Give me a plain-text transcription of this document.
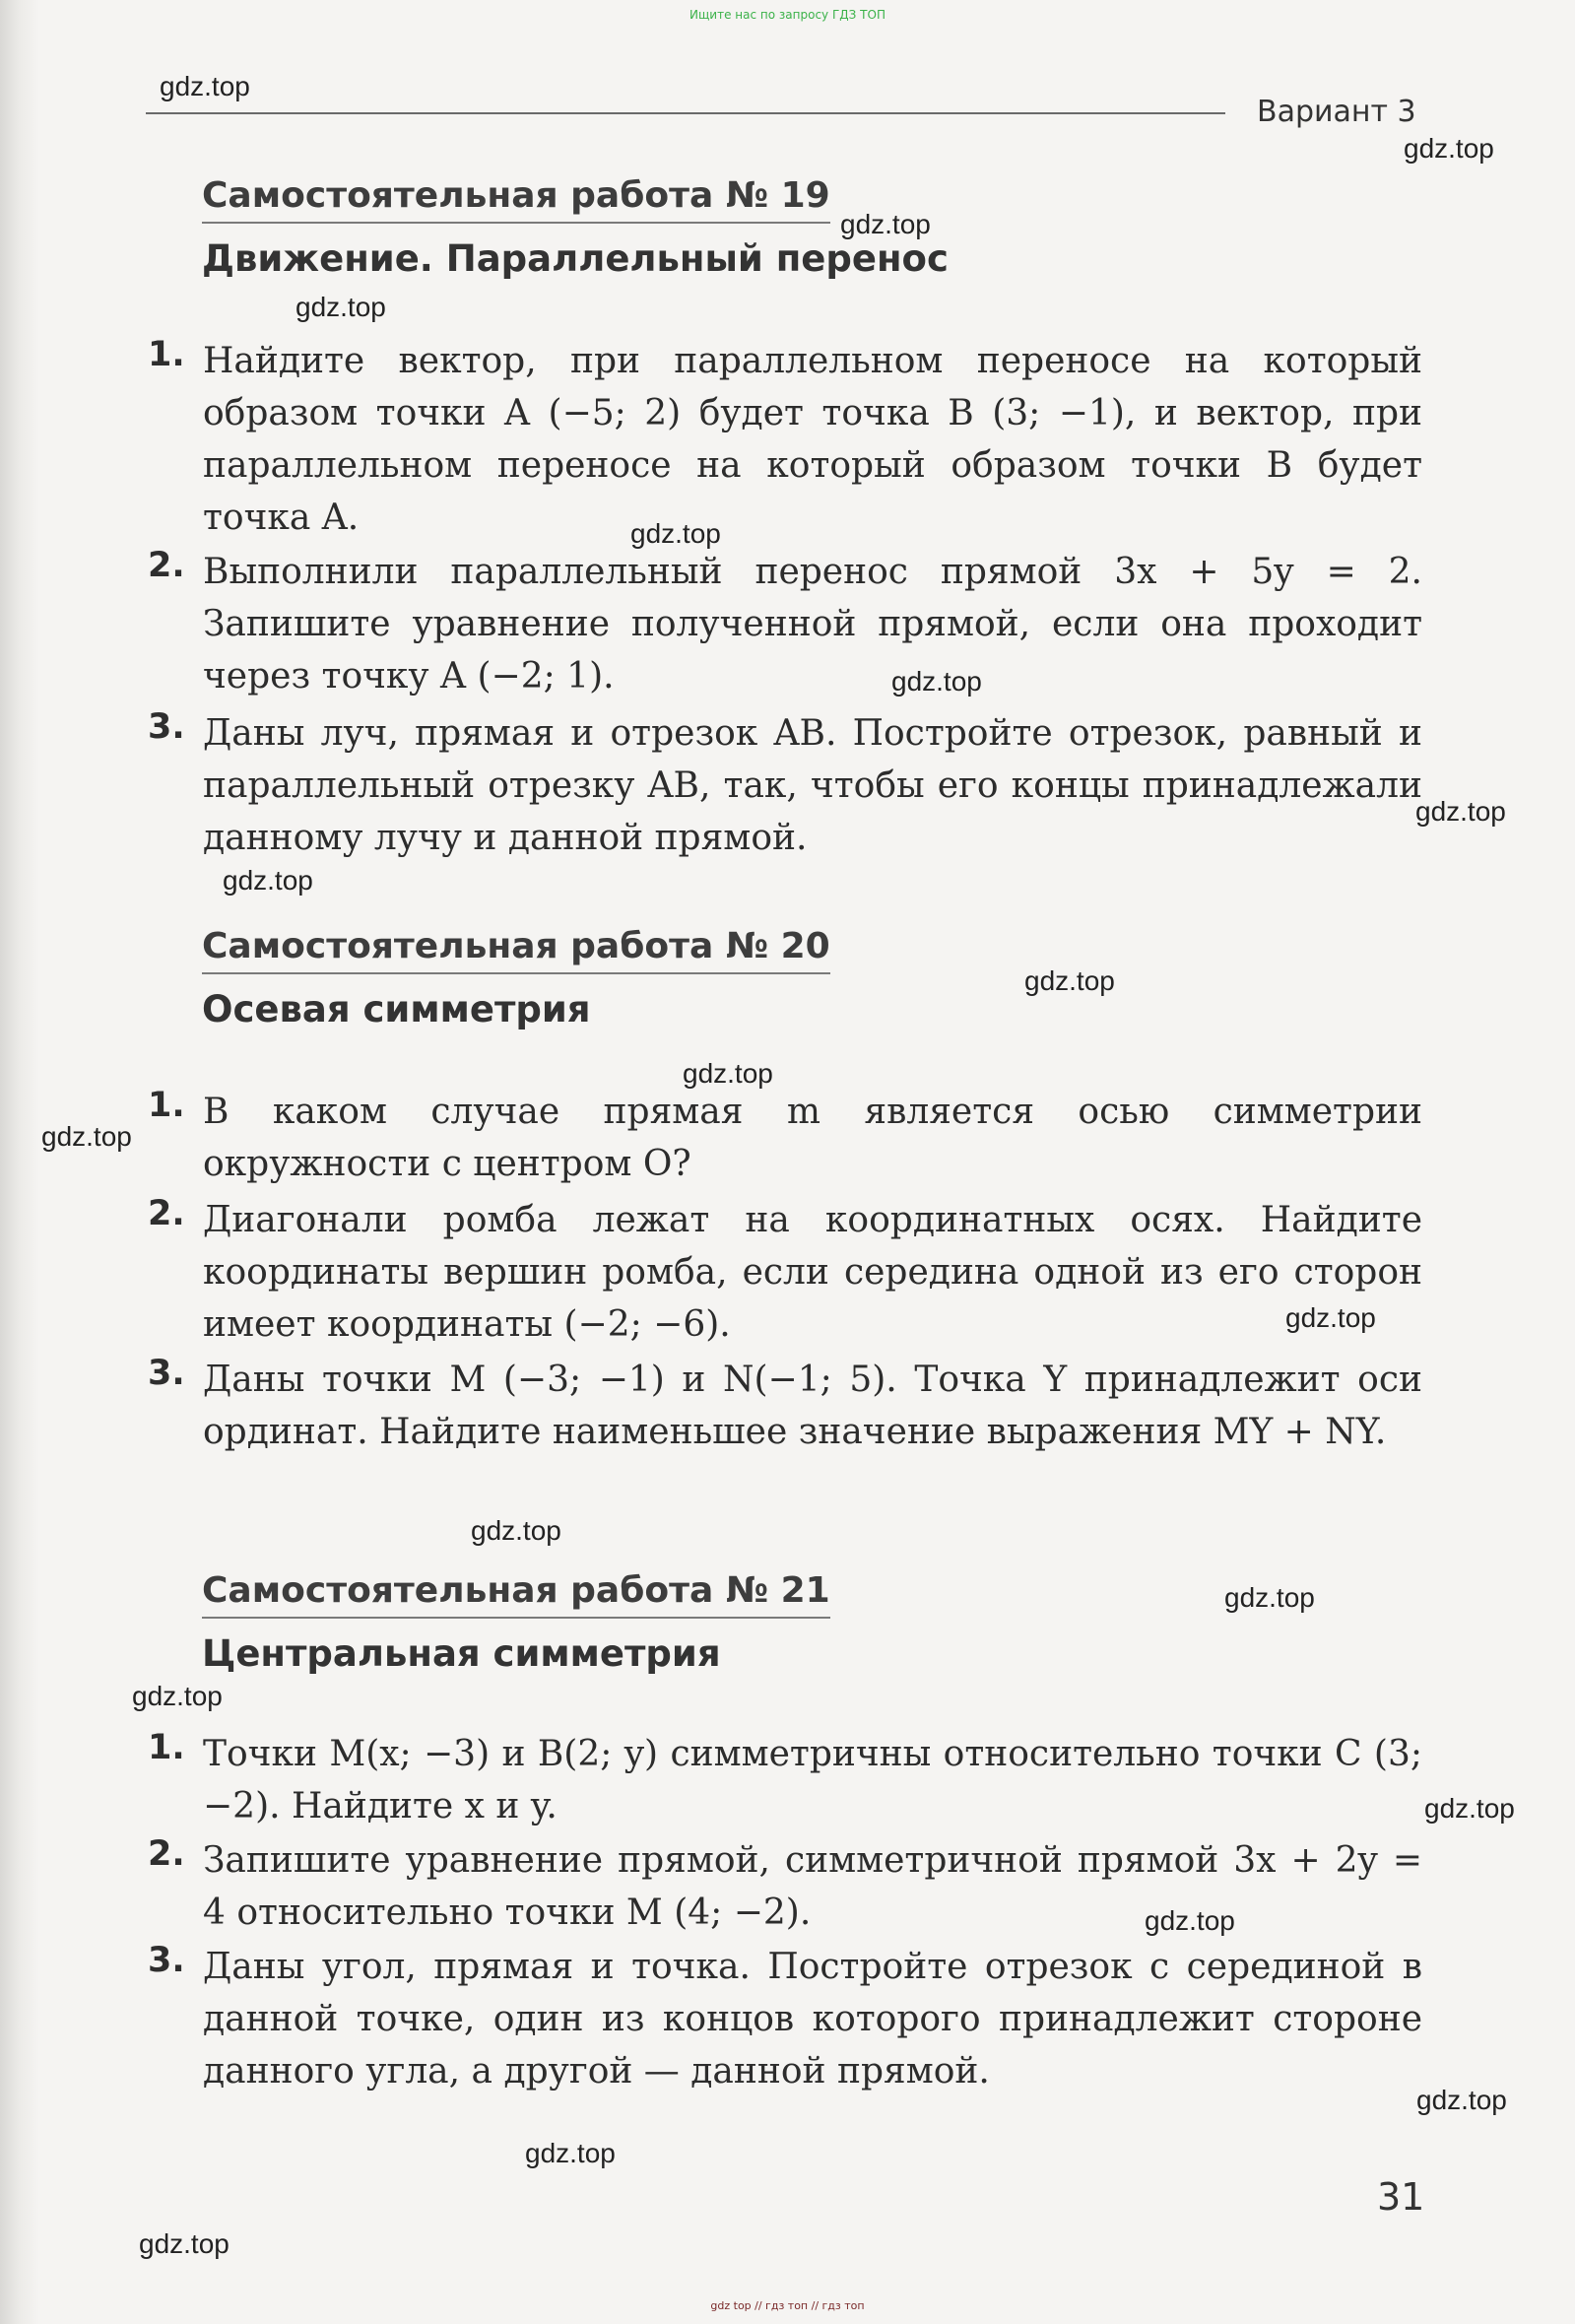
Ищите нас по запросу ГДЗ ТОП
Вариант 3
Самостоятельная работа № 19
Движение. Параллельный перенос
1. Найдите вектор, при параллельном переносе на который образом точки A (−5; 2) будет точка B (3; −1), и вектор, при параллельном переносе на который образом точки B будет точка A.
2. Выполнили параллельный перенос прямой 3x + 5y = 2. Запишите уравнение полученной прямой, если она проходит через точку A (−2; 1).
3. Даны луч, прямая и отрезок AB. Постройте отрезок, равный и параллельный отрезку AB, так, чтобы его концы принадлежали данному лучу и данной прямой.
Самостоятельная работа № 20
Осевая симметрия
1. В каком случае прямая m является осью симметрии окружности с центром O?
2. Диагонали ромба лежат на координатных осях. Найдите координаты вершин ромба, если середина одной из его сторон имеет координаты (−2; −6).
3. Даны точки M (−3; −1) и N(−1; 5). Точка Y принадлежит оси ординат. Найдите наименьшее значение выражения MY + NY.
Самостоятельная работа № 21
Центральная симметрия
1. Точки M(x; −3) и B(2; y) симметричны относительно точки C (3; −2). Найдите x и y.
2. Запишите уравнение прямой, симметричной прямой 3x + 2y = 4 относительно точки M (4; −2).
3. Даны угол, прямая и точка. Постройте отрезок с серединой в данной точке, один из концов которого принадлежит стороне данного угла, а другой — данной прямой.
31
gdz.top
gdz.top
gdz.top
gdz.top
gdz.top
gdz.top
gdz.top
gdz.top
gdz.top
gdz.top
gdz.top
gdz.top
gdz.top
gdz.top
gdz.top
gdz.top
gdz.top
gdz.top
gdz.top
gdz.top
gdz top // гдз топ // гдз топ
